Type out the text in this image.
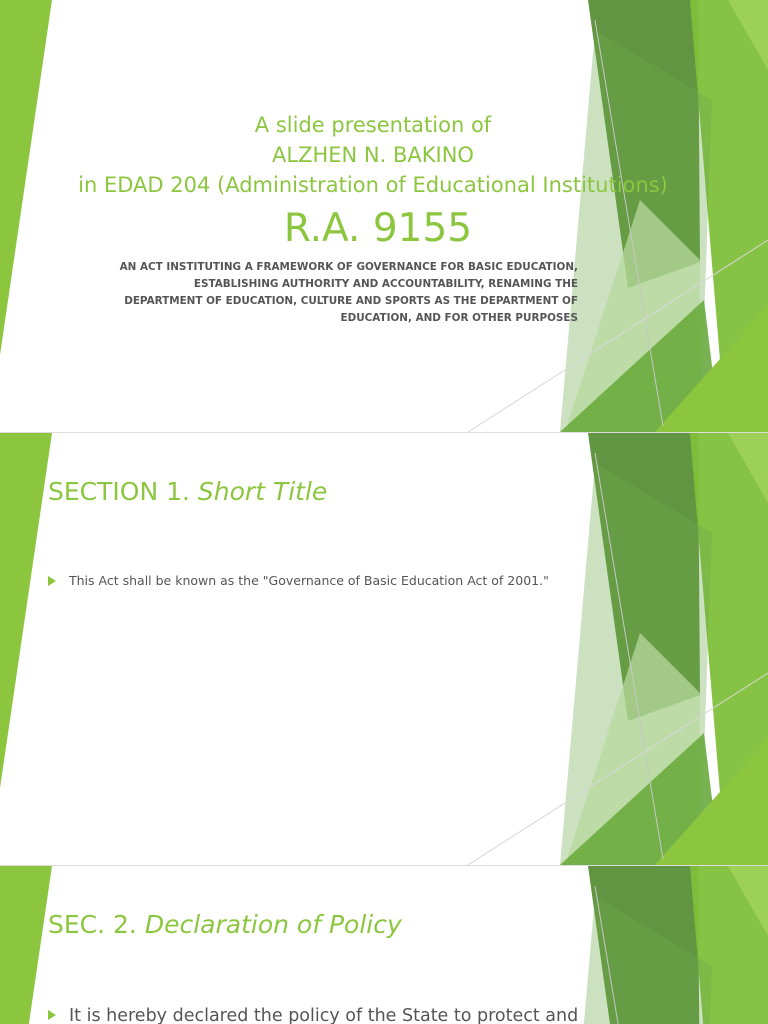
A slide presentation of
ALZHEN N. BAKINO
in EDAD 204 (Administration of Educational Institutions)
R.A. 9155
AN ACT INSTITUTING A FRAMEWORK OF GOVERNANCE FOR BASIC EDUCATION,
ESTABLISHING AUTHORITY AND ACCOUNTABILITY, RENAMING THE
DEPARTMENT OF EDUCATION, CULTURE AND SPORTS AS THE DEPARTMENT OF
EDUCATION, AND FOR OTHER PURPOSES
SECTION 1. Short Title
This Act shall be known as the "Governance of Basic Education Act of 2001."
SEC. 2. Declaration of Policy
It is hereby declared the policy of the State to protect and
